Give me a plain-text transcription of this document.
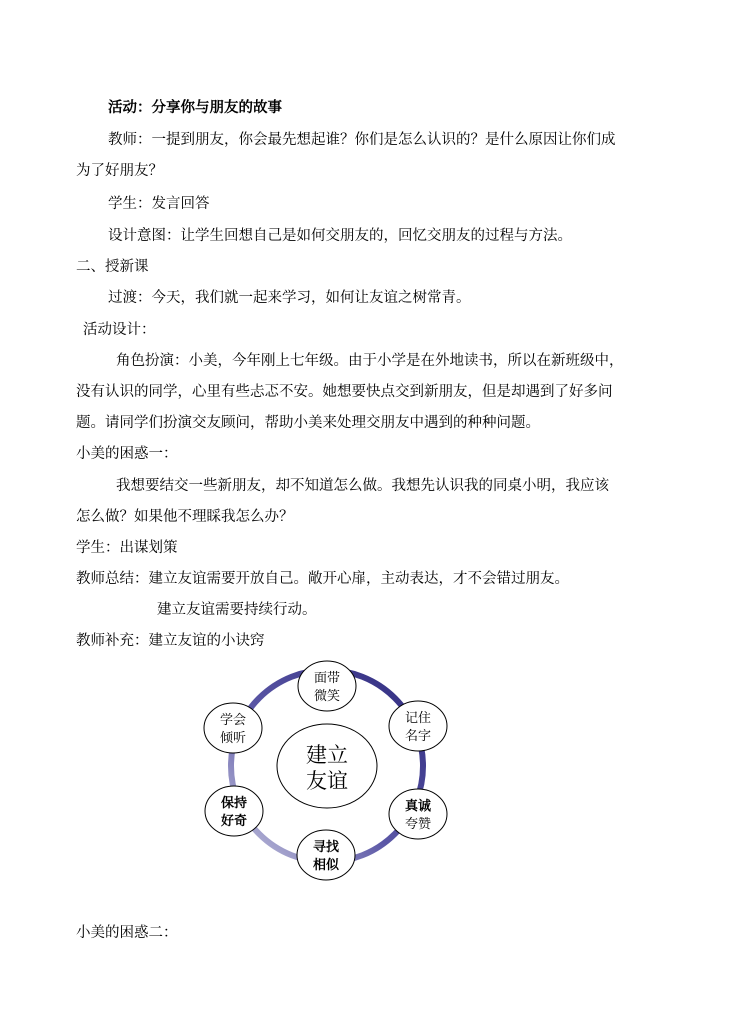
活动：分享你与朋友的故事
教师：一提到朋友，你会最先想起谁？你们是怎么认识的？是什么原因让你们成
为了好朋友？
学生：发言回答
设计意图：让学生回想自己是如何交朋友的，回忆交朋友的过程与方法。
二、授新课
过渡：今天，我们就一起来学习，如何让友谊之树常青。
活动设计：
角色扮演：小美，今年刚上七年级。由于小学是在外地读书，所以在新班级中，
没有认识的同学，心里有些忐忑不安。她想要快点交到新朋友，但是却遇到了好多问
题。请同学们扮演交友顾问，帮助小美来处理交朋友中遇到的种种问题。
小美的困惑一：
我想要结交一些新朋友，却不知道怎么做。我想先认识我的同桌小明，我应该
怎么做？如果他不理睬我怎么办？
学生：出谋划策
教师总结：建立友谊需要开放自己。敞开心扉，主动表达，才不会错过朋友。
建立友谊需要持续行动。
教师补充：建立友谊的小诀窍
建立
友谊
面带
微笑
记住
名字
真诚
夸赞
寻找
相似
保持
好奇
学会
倾听
小美的困惑二：
